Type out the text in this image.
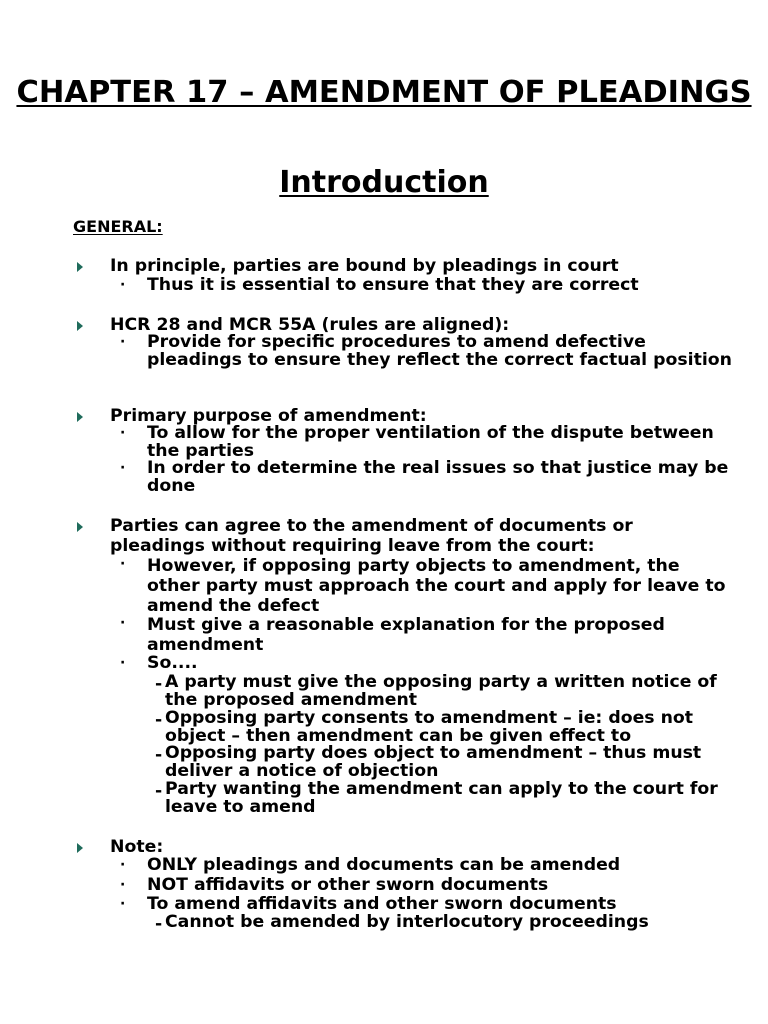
CHAPTER 17 – AMENDMENT OF PLEADINGS
Introduction
GENERAL:
In principle, parties are bound by pleadings in court
· Thus it is essential to ensure that they are correct
HCR 28 and MCR 55A (rules are aligned):
· Provide for specific procedures to amend defective pleadings to ensure they reflect the correct factual position
Primary purpose of amendment:
· To allow for the proper ventilation of the dispute between the parties
· In order to determine the real issues so that justice may be done
Parties can agree to the amendment of documents or pleadings without requiring leave from the court:
· However, if opposing party objects to amendment, the other party must approach the court and apply for leave to amend the defect
· Must give a reasonable explanation for the proposed amendment
· So....
- A party must give the opposing party a written notice of the proposed amendment
- Opposing party consents to amendment – ie: does not object – then amendment can be given effect to
- Opposing party does object to amendment – thus must deliver a notice of objection
- Party wanting the amendment can apply to the court for leave to amend
Note:
· ONLY pleadings and documents can be amended
· NOT affidavits or other sworn documents
· To amend affidavits and other sworn documents
- Cannot be amended by interlocutory proceedings
